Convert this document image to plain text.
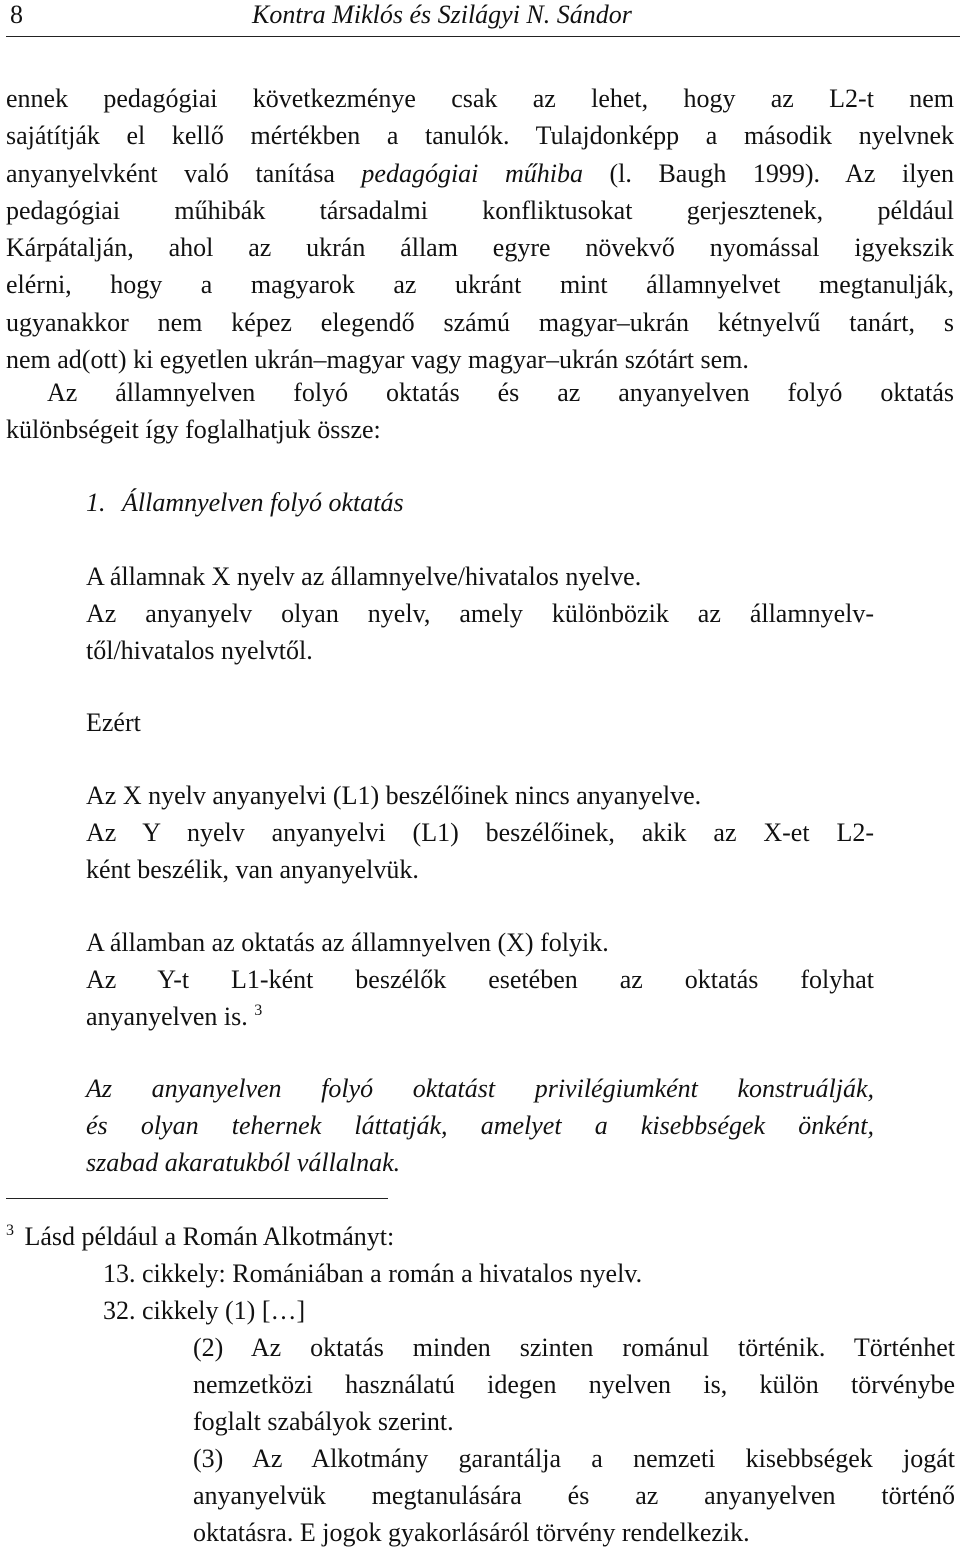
8	Kontra Miklós és Szilágyi N. Sándor
ennek pedagógiai következménye csak az lehet, hogy az L2-t nem
sajátítják el kellő mértékben a tanulók. Tulajdonképp a második nyelvnek
anyanyelvként való tanítása pedagógiai műhiba (l. Baugh 1999). Az ilyen
pedagógiai műhibák társadalmi konfliktusokat gerjesztenek, például
Kárpátalján, ahol az ukrán állam egyre növekvő nyomással igyekszik
elérni, hogy a magyarok az ukránt mint államnyelvet megtanulják,
ugyanakkor nem képez elegendő számú magyar–ukrán kétnyelvű tanárt, s
nem ad(ott) ki egyetlen ukrán–magyar vagy magyar–ukrán szótárt sem.
Az államnyelven folyó oktatás és az anyanyelven folyó oktatás
különbségeit így foglalhatjuk össze:
1. Államnyelven folyó oktatás
A államnak X nyelv az államnyelve/hivatalos nyelve.
Az anyanyelv olyan nyelv, amely különbözik az államnyelv-
től/hivatalos nyelvtől.
Ezért
Az X nyelv anyanyelvi (L1) beszélőinek nincs anyanyelve.
Az Y nyelv anyanyelvi (L1) beszélőinek, akik az X-et L2-
ként beszélik, van anyanyelvük.
A államban az oktatás az államnyelven (X) folyik.
Az Y-t L1-ként beszélők esetében az oktatás folyhat
anyanyelven is. $^3$
Az anyanyelven folyó oktatást privilégiumként konstruálják,
és olyan tehernek láttatják, amelyet a kisebbségek önként,
szabad akaratukból vállalnak.
$^3$ Lásd például a Román Alkotmányt:
13. cikkely: Romániában a román a hivatalos nyelv.
32. cikkely (1) […]
(2) Az oktatás minden szinten románul történik. Történhet
nemzetközi használatú idegen nyelven is, külön törvénybe
foglalt szabályok szerint.
(3) Az Alkotmány garantálja a nemzeti kisebbségek jogát
anyanyelvük megtanulására és az anyanyelven történő
oktatásra. E jogok gyakorlásáról törvény rendelkezik.
